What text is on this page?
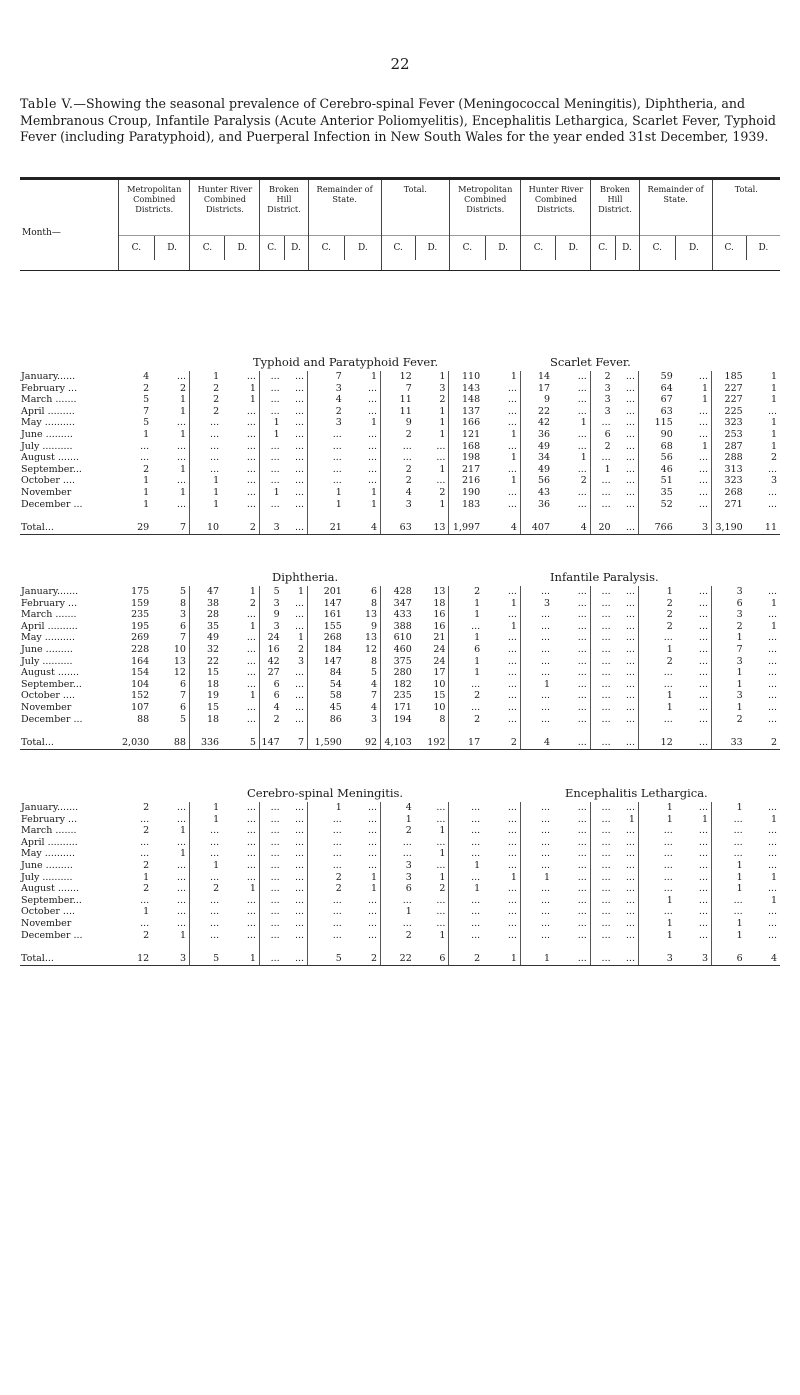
22
Table V.—Showing the seasonal prevalence of Cerebro-spinal Fever (Meningococcal Meningitis), Diphtheria, and Membranous Croup, Infantile Paralysis (Acute Anterior Poliomyelitis), Encephalitis Lethargica, Scarlet Fever, Typhoid Fever (including Paratyphoid), and Puerperal Infection in New South Wales for the year ended 31st December, 1939.
Month—
Metropolitan Combined Districts.
C.	D.
Hunter River Combined Districts.
C.	D.
Broken Hill District.
C.	D.
Remainder of State.
C.	D.
Total.
C.	D.
Metropolitan Combined Districts.
C.	D.
Hunter River Combined Districts.
C.	D.
Broken Hill District.
C.	D.
Remainder of State.
C.	D.
Total.
C.	D.
Typhoid and Paratyphoid Fever.	Scarlet Fever.
January......	4	...	1	...	...	...	7	1	12	1	110	1	14	...	2	...	59	...	185	1
February ...	2	2	2	1	...	...	3	...	7	3	143	...	17	...	3	...	64	1	227	1
March .......	5	1	2	1	...	...	4	...	11	2	148	...	9	...	3	...	67	1	227	1
April .........	7	1	2	...	...	...	2	...	11	1	137	...	22	...	3	...	63	...	225	...
May ..........	5	...	...	...	1	...	3	1	9	1	166	...	42	1	...	...	115	...	323	1
June .........	1	1	...	...	1	...	...	...	2	1	121	1	36	...	6	...	90	...	253	1
July ..........	...	...	...	...	...	...	...	...	...	...	168	...	49	...	2	...	68	1	287	1
August .......	...	...	...	...	...	...	...	...	...	...	198	1	34	1	...	...	56	...	288	2
September...	2	1	...	...	...	...	...	...	2	1	217	...	49	...	1	...	46	...	313	...
October ....	1	...	1	...	...	...	...	...	2	...	216	1	56	2	...	...	51	...	323	3
November	1	1	1	...	1	...	1	1	4	2	190	...	43	...	...	...	35	...	268	...
December ...	1	...	1	...	...	...	1	1	3	1	183	...	36	...	...	...	52	...	271	...
Total...	29	7	10	2	3	...	21	4	63	13	1,997	4	407	4	20	...	766	3	3,190	11
Diphtheria.	Infantile Paralysis.
January.......	175	5	47	1	5	1	201	6	428	13	2	...	...	...	...	...	1	...	3	...
February ...	159	8	38	2	3	...	147	8	347	18	1	1	3	...	...	...	2	...	6	1
March .......	235	3	28	...	9	...	161	13	433	16	1	...	...	...	...	...	2	...	3	...
April ..........	195	6	35	1	3	...	155	9	388	16	...	1	...	...	...	...	2	...	2	1
May ..........	269	7	49	...	24	1	268	13	610	21	1	...	...	...	...	...	...	...	1	...
June .........	228	10	32	...	16	2	184	12	460	24	6	...	...	...	...	...	1	...	7	...
July ..........	164	13	22	...	42	3	147	8	375	24	1	...	...	...	...	...	2	...	3	...
August .......	154	12	15	...	27	...	84	5	280	17	1	...	...	...	...	...	...	...	1	...
September...	104	6	18	...	6	...	54	4	182	10	...	...	1	...	...	...	...	...	1	...
October ....	152	7	19	1	6	...	58	7	235	15	2	...	...	...	...	...	1	...	3	...
November	107	6	15	...	4	...	45	4	171	10	...	...	...	...	...	...	1	...	1	...
December ...	88	5	18	...	2	...	86	3	194	8	2	...	...	...	...	...	...	...	2	...
Total...	2,030	88	336	5	147	7	1,590	92	4,103	192	17	2	4	...	...	...	12	...	33	2
Cerebro-spinal Meningitis.	Encephalitis Lethargica.
January.......	2	...	1	...	...	...	1	...	4	...	...	...	...	...	...	...	1	...	1	...
February ...	...	...	1	...	...	...	...	...	1	...	...	...	...	...	...	1	1	1	...	1
March .......	2	1	...	...	...	...	...	...	2	1	...	...	...	...	...	...	...	...	...	...
April ..........	...	...	...	...	...	...	...	...	...	...	...	...	...	...	...	...	...	...	...	...
May ..........	...	1	...	...	...	...	...	...	...	1	...	...	...	...	...	...	...	...	...	...
June .........	2	...	1	...	...	...	...	...	3	...	1	...	...	...	...	...	...	...	1	...
July ..........	1	...	...	...	...	...	2	1	3	1	...	1	1	...	...	...	...	...	1	1
August .......	2	...	2	1	...	...	2	1	6	2	1	...	...	...	...	...	...	...	1	...
September...	...	...	...	...	...	...	...	...	...	...	...	...	...	...	...	...	1	...	...	1
October ....	1	...	...	...	...	...	...	...	1	...	...	...	...	...	...	...	...	...	...	...
November	...	...	...	...	...	...	...	...	...	...	...	...	...	...	...	...	1	...	1	...
December ...	2	1	...	...	...	...	...	...	2	1	...	...	...	...	...	...	1	...	1	...
Total...	12	3	5	1	...	...	5	2	22	6	2	1	1	...	...	...	3	3	6	4
